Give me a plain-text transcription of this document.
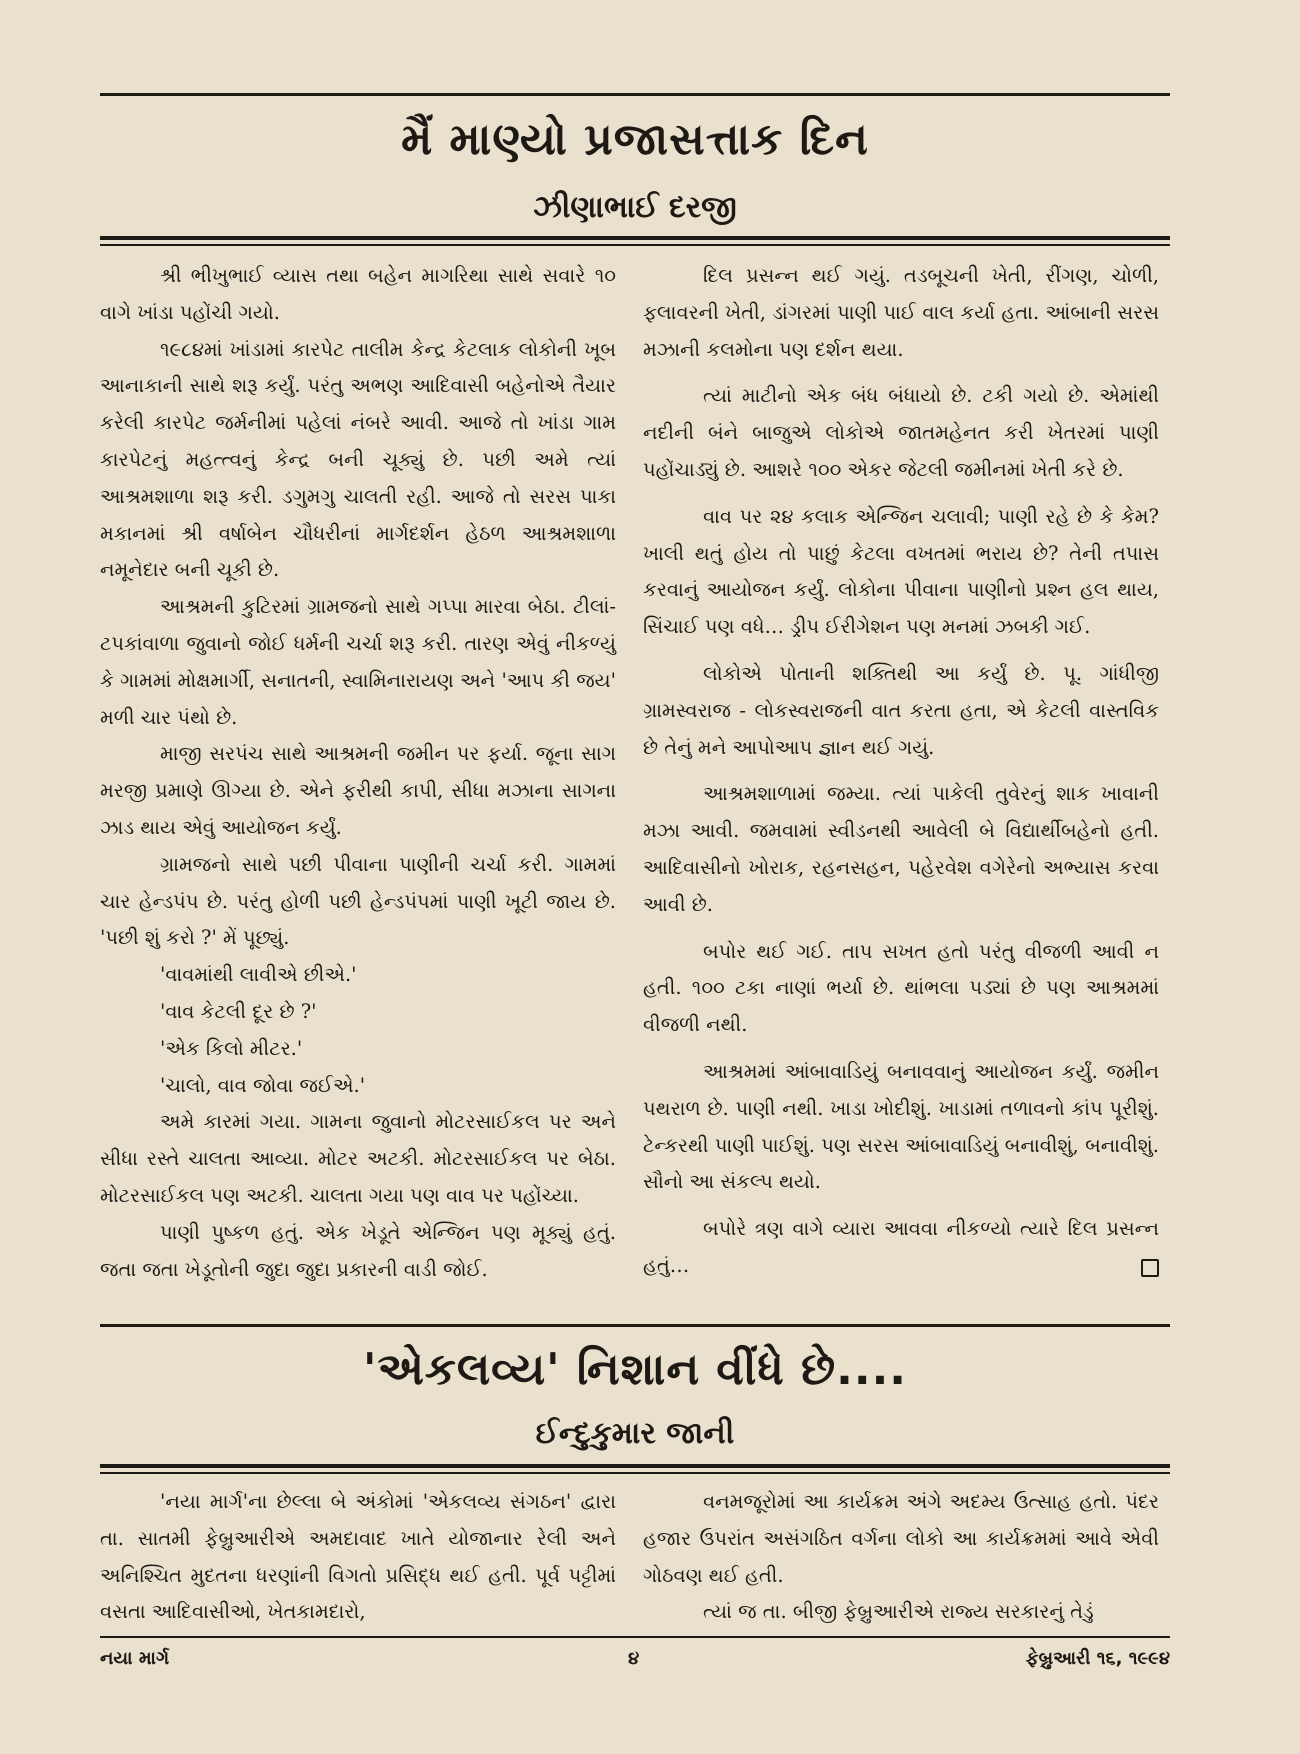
મૈં માણ્યો પ્રજાસત્તાક દિન
ઝીણાભાઈ દરજી

શ્રી ભીખુભાઈ વ્યાસ તથા બહેન માગરિથા સાથે સવારે ૧૦ વાગે ખાંડા પહોંચી ગયો.

૧૯૮૪માં ખાંડામાં કારપેટ તાલીમ કેન્દ્ર કેટલાક લોકોની ખૂબ આનાકાની સાથે શરૂ કર્યું. પરંતુ અભણ આદિવાસી બહેનોએ તૈયાર કરેલી કારપેટ જર્મનીમાં પહેલાં નંબરે આવી. આજે તો ખાંડા ગામ કારપેટનું મહત્ત્વનું કેન્દ્ર બની ચૂક્યું છે. પછી અમે ત્યાં આશ્રમશાળા શરૂ કરી. ડગુમગુ ચાલતી રહી. આજે તો સરસ પાકા મકાનમાં શ્રી વર્ષાબેન ચૌધરીનાં માર્ગદર્શન હેઠળ આશ્રમશાળા નમૂનેદાર બની ચૂકી છે.

આશ્રમની કુટિરમાં ગ્રામજનો સાથે ગપ્પા મારવા બેઠા. ટીલાં-ટપકાંવાળા જુવાનો જોઈ ધર્મની ચર્ચા શરૂ કરી. તારણ એવું નીકળ્યું કે ગામમાં મોક્ષમાર્ગી, સનાતની, સ્વામિનારાયણ અને 'આપ કી જય' મળી ચાર પંથો છે.

માજી સરપંચ સાથે આશ્રમની જમીન પર ફર્યા. જૂના સાગ મરજી પ્રમાણે ઊગ્યા છે. એને ફરીથી કાપી, સીધા મઝાના સાગના ઝાડ થાય એવું આયોજન કર્યું.

ગ્રામજનો સાથે પછી પીવાના પાણીની ચર્ચા કરી. ગામમાં ચાર હેન્ડપંપ છે. પરંતુ હોળી પછી હેન્ડપંપમાં પાણી ખૂટી જાય છે. 'પછી શું કરો ?' મેં પૂછ્યું.

'વાવમાંથી લાવીએ છીએ.'

'વાવ કેટલી દૂર છે ?'

'એક કિલો મીટર.'

'ચાલો, વાવ જોવા જઈએ.'

અમે કારમાં ગયા. ગામના જુવાનો મોટરસાઈકલ પર અને સીધા રસ્તે ચાલતા આવ્યા. મોટર અટકી. મોટરસાઈકલ પર બેઠા. મોટરસાઈકલ પણ અટકી. ચાલતા ગયા પણ વાવ પર પહોંચ્યા.

પાણી પુષ્કળ હતું. એક ખેડૂતે એન્જિન પણ મૂક્યું હતું. જતા જતા ખેડૂતોની જુદા જુદા પ્રકારની વાડી જોઈ.

દિલ પ્રસન્ન થઈ ગયું. તડબૂચની ખેતી, રીંગણ, ચોળી, ફલાવરની ખેતી, ડાંગરમાં પાણી પાઈ વાલ કર્યા હતા. આંબાની સરસ મઝાની કલમોના પણ દર્શન થયા.

ત્યાં માટીનો એક બંધ બંધાયો છે. ટકી ગયો છે. એમાંથી નદીની બંને બાજુએ લોકોએ જાતમહેનત કરી ખેતરમાં પાણી પહોંચાડ્યું છે. આશરે ૧૦૦ એકર જેટલી જમીનમાં ખેતી કરે છે.

વાવ પર ૨૪ કલાક એન્જિન ચલાવી; પાણી રહે છે કે કેમ? ખાલી થતું હોય તો પાછું કેટલા વખતમાં ભરાય છે? તેની તપાસ કરવાનું આયોજન કર્યું. લોકોના પીવાના પાણીનો પ્રશ્ન હલ થાય, સિંચાઈ પણ વધે… ડ્રીપ ઈરીગેશન પણ મનમાં ઝબકી ગઈ.

લોકોએ પોતાની શક્તિથી આ કર્યું છે. પૂ. ગાંધીજી ગ્રામસ્વરાજ - લોકસ્વરાજની વાત કરતા હતા, એ કેટલી વાસ્તવિક છે તેનું મને આપોઆપ જ્ઞાન થઈ ગયું.

આશ્રમશાળામાં જમ્યા. ત્યાં પાકેલી તુવેરનું શાક ખાવાની મઝા આવી. જમવામાં સ્વીડનથી આવેલી બે વિદ્યાર્થીબહેનો હતી. આદિવાસીનો ખોરાક, રહનસહન, પહેરવેશ વગેરેનો અભ્યાસ કરવા આવી છે.

બપોર થઈ ગઈ. તાપ સખત હતો પરંતુ વીજળી આવી ન હતી. ૧૦૦ ટકા નાણાં ભર્યા છે. થાંભલા પડ્યાં છે પણ આશ્રમમાં વીજળી નથી.

આશ્રમમાં આંબાવાડિયું બનાવવાનું આયોજન કર્યું. જમીન પથરાળ છે. પાણી નથી. ખાડા ખોદીશું. ખાડામાં તળાવનો કાંપ પૂરીશું. ટેન્કરથી પાણી પાઈશું. પણ સરસ આંબાવાડિયું બનાવીશું, બનાવીશું. સૌનો આ સંકલ્પ થયો.

બપોરે ત્રણ વાગે વ્યારા આવવા નીકળ્યો ત્યારે દિલ પ્રસન્ન હતું…

'એકલવ્ય' નિશાન વીંધે છે....
ઈન્દુકુમાર જાની

'નયા માર્ગ'ના છેલ્લા બે અંકોમાં 'એકલવ્ય સંગઠન' દ્વારા તા. સાતમી ફેબ્રુઆરીએ અમદાવાદ ખાતે યોજાનાર રેલી અને અનિશ્ચિત મુદતના ધરણાંની વિગતો પ્રસિદ્ધ થઈ હતી. પૂર્વ પટ્ટીમાં વસતા આદિવાસીઓ, ખેતકામદારો,

વનમજૂરોમાં આ કાર્યક્રમ અંગે અદમ્ય ઉત્સાહ હતો. પંદર હજાર ઉપરાંત અસંગઠિત વર્ગના લોકો આ કાર્યક્રમમાં આવે એવી ગોઠવણ થઈ હતી.

ત્યાં જ તા. બીજી ફેબ્રુઆરીએ રાજ્ય સરકારનું તેડું

નયા માર્ગ	૪	ફેબ્રુઆરી ૧૬, ૧૯૯૪
